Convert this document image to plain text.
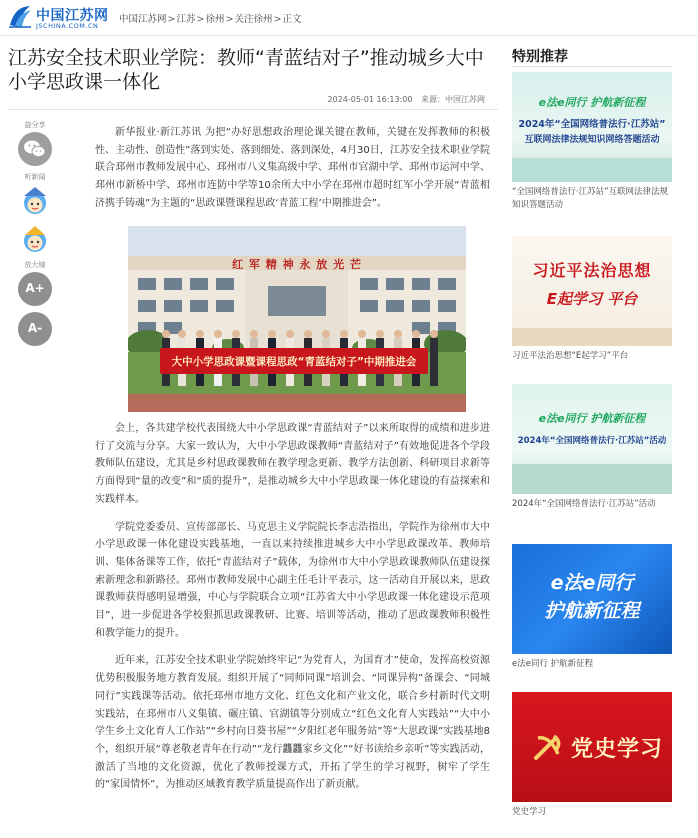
中国江苏网
JSCHINA.COM.CN
中国江苏网>江苏>徐州>关注徐州>正文
江苏安全技术职业学院：教师“青蓝结对子”推动城乡大中小学思政课一体化
2024-05-01 16:13:00 来源：中国江苏网
旋分享
听新闻
放大镜
A+
A-

新华报业·新江苏讯 为把“办好思想政治理论课关键在教师，关键在发挥教师的积极性、主动性、创造性”落到实处、落到细处、落到深处，4月30日，江苏安全技术职业学院联合邳州市教师发展中心、邳州市八义集高级中学、邳州市官湖中学、邳州市运河中学、邳州市新桥中学、邳州市连防中学等10余所大中小学在邳州市超时红军小学开展“青蓝相济携手铸魂”为主题的“思政课暨课程思政‘青蓝工程’中期推进会”。

会上，各共建学校代表围绕大中小学思政课“青蓝结对子”以来所取得的成绩和进步进行了交流与分享。大家一致认为，大中小学思政课教师“青蓝结对子”有效地促进各个学段教师队伍建设，尤其是乡村思政课教师在教学理念更新、教学方法创新、科研项目求新等方面得到“量的改变”和“质的提升”，是推动城乡大中小学思政课一体化建设的有益探索和实践样本。

学院党委委员、宣传部部长、马克思主义学院院长李志浩指出，学院作为徐州市大中小学思政课一体化建设实践基地，一直以来持续推进城乡大中小学思政课改革、教师培训、集体备课等工作，依托“青蓝结对子”载体，为徐州市大中小学思政课教师队伍建设探索新理念和新路径。邳州市教师发展中心副主任毛计平表示，这一活动自开展以来，思政课教师获得感明显增强，中心与学院联合立项“江苏省大中小学思政课一体化建设示范项目”，进一步促进各学校狠抓思政课教研、比赛、培训等活动，推动了思政课教师积极性和教学能力的提升。

近年来，江苏安全技术职业学院始终牢记“为党育人，为国育才”使命，发挥高校资源优势积极服务地方教育发展。组织开展了“同师同课”培训会、“同课异构”备课会、“同城同行”实践课等活动。依托邳州市地方文化、红色文化和产业文化，联合乡村新时代文明实践站，在邳州市八义集镇、碾庄镇、官湖镇等分别成立“红色文化育人实践站”“大中小学生乡土文化育人工作站”“乡村向日葵书屋”“夕阳红老年服务站”等“大思政课”实践基地8个，组织开展“尊老敬老青年在行动”“龙行龘龘家乡文化”“好书读给乡亲听”等实践活动，激活了当地的文化资源，优化了教师授课方式，开拓了学生的学习视野，树牢了学生的“家国情怀”，为推动区域教育教学质量提高作出了新贡献。

红 军 精 神 永 放 光 芒
大中小学思政课暨课程思政“青蓝结对子”中期推进会
特别推荐
e法e同行 护航新征程
2024年“全国网络普法行·江苏站”
互联网法律法规知识网络答题活动
“全国网络普法行·江苏站”互联网法律法规知识答题活动
习近平法治思想
E起学习 平台
习近平法治思想“E起学习”平台
e法e同行 护航新征程
2024年“全国网络普法行·江苏站”活动
2024年“全国网络普法行·江苏站”活动
e法e同行
护航新征程
e法e同行 护航新征程
党史学习
党史学习
